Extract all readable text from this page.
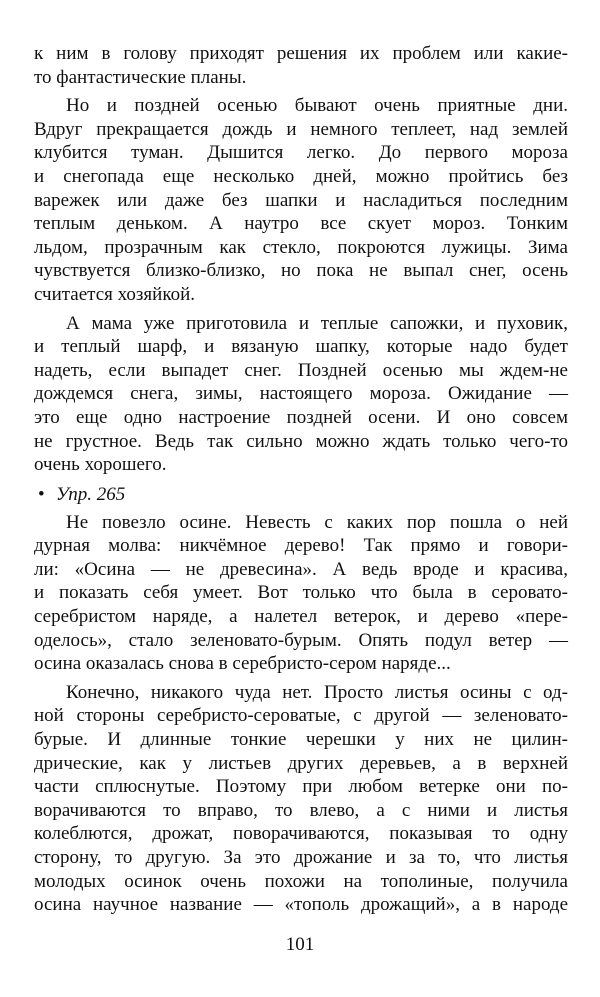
к ним в голову приходят решения их проблем или какие-
то фантастические планы.
Но и поздней осенью бывают очень приятные дни.
Вдруг прекращается дождь и немного теплеет, над землей
клубится туман. Дышится легко. До первого мороза
и снегопада еще несколько дней, можно пройтись без
варежек или даже без шапки и насладиться последним
теплым деньком. А наутро все скует мороз. Тонким
льдом, прозрачным как стекло, покроются лужицы. Зима
чувствуется близко-близко, но пока не выпал снег, осень
считается хозяйкой.
А мама уже приготовила и теплые сапожки, и пуховик,
и теплый шарф, и вязаную шапку, которые надо будет
надеть, если выпадет снег. Поздней осенью мы ждем-не
дождемся снега, зимы, настоящего мороза. Ожидание —
это еще одно настроение поздней осени. И оно совсем
не грустное. Ведь так сильно можно ждать только чего-то
очень хорошего.
• Упр. 265
Не повезло осине. Невесть с каких пор пошла о ней
дурная молва: никчёмное дерево! Так прямо и говори-
ли: «Осина — не древесина». А ведь вроде и красива,
и показать себя умеет. Вот только что была в серовато-
серебристом наряде, а налетел ветерок, и дерево «пере-
оделось», стало зеленовато-бурым. Опять подул ветер —
осина оказалась снова в серебристо-сером наряде...
Конечно, никакого чуда нет. Просто листья осины с од-
ной стороны серебристо-сероватые, с другой — зеленовато-
бурые. И длинные тонкие черешки у них не цилин-
дрические, как у листьев других деревьев, а в верхней
части сплюснутые. Поэтому при любом ветерке они по-
ворачиваются то вправо, то влево, а с ними и листья
колеблются, дрожат, поворачиваются, показывая то одну
сторону, то другую. За это дрожание и за то, что листья
молодых осинок очень похожи на тополиные, получила
осина научное название — «тополь дрожащий», а в народе
101
